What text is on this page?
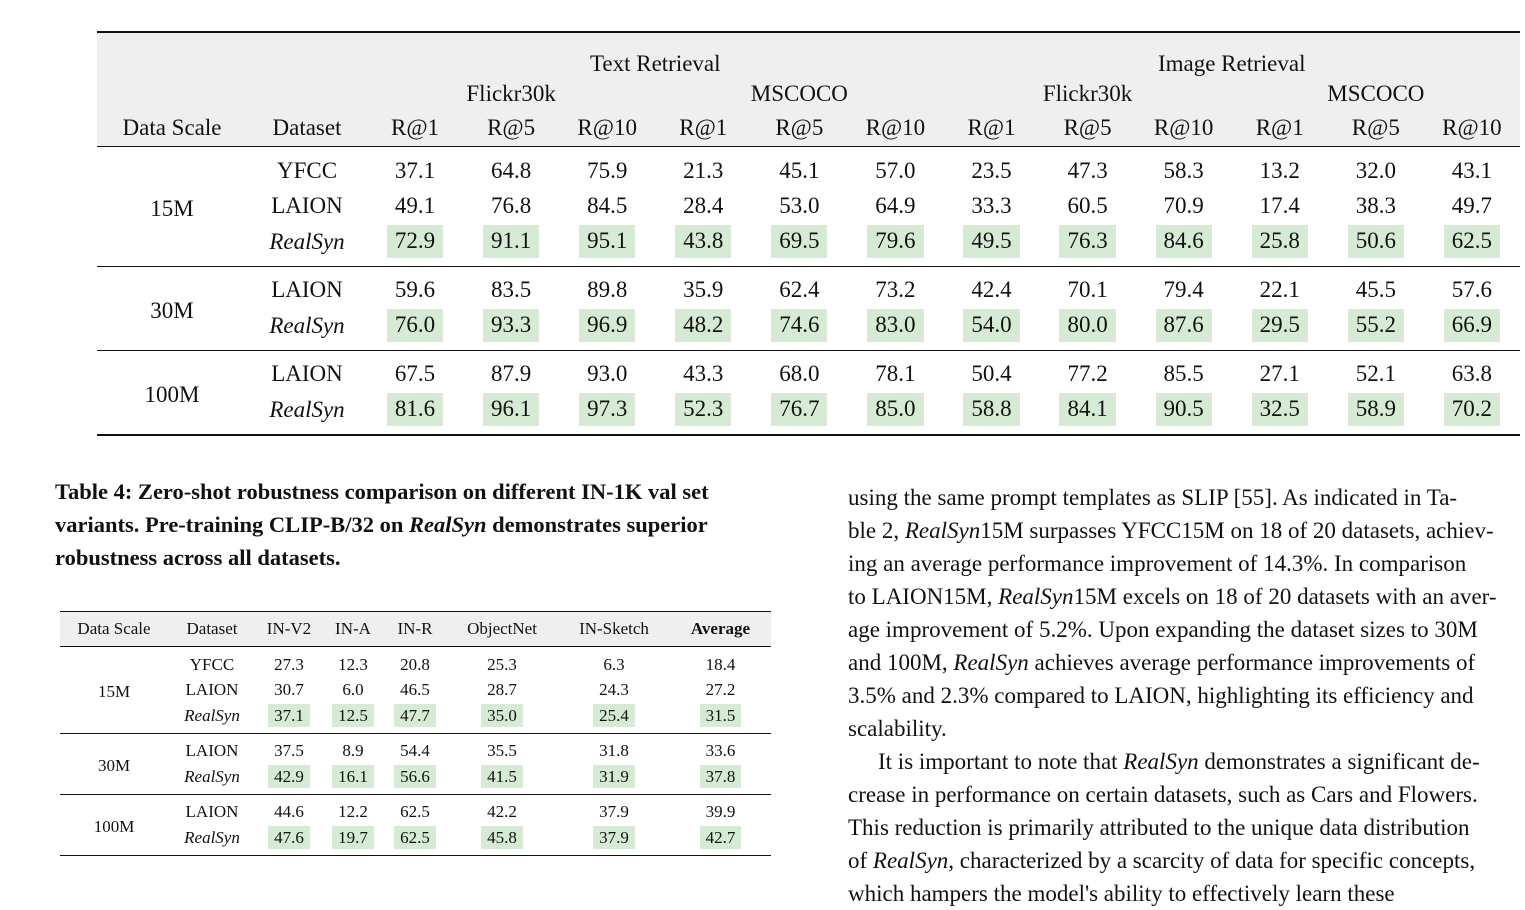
		Text Retrieval						Image Retrieval					
		Flickr30k			MSCOCO			Flickr30k			MSCOCO		
Data Scale	Dataset	R@1	R@5	R@10	R@1	R@5	R@10	R@1	R@5	R@10	R@1	R@5	R@10
15M	YFCC	37.1	64.8	75.9	21.3	45.1	57.0	23.5	47.3	58.3	13.2	32.0	43.1
	LAION	49.1	76.8	84.5	28.4	53.0	64.9	33.3	60.5	70.9	17.4	38.3	49.7
	RealSyn	72.9	91.1	95.1	43.8	69.5	79.6	49.5	76.3	84.6	25.8	50.6	62.5
30M	LAION	59.6	83.5	89.8	35.9	62.4	73.2	42.4	70.1	79.4	22.1	45.5	57.6
	RealSyn	76.0	93.3	96.9	48.2	74.6	83.0	54.0	80.0	87.6	29.5	55.2	66.9
100M	LAION	67.5	87.9	93.0	43.3	68.0	78.1	50.4	77.2	85.5	27.1	52.1	63.8
	RealSyn	81.6	96.1	97.3	52.3	76.7	85.0	58.8	84.1	90.5	32.5	58.9	70.2

Table 4: Zero-shot robustness comparison on different IN-1K val set variants. Pre-training CLIP-B/32 on RealSyn demonstrates superior robustness across all datasets.

Data Scale	Dataset	IN-V2	IN-A	IN-R	ObjectNet	IN-Sketch	Average
15M	YFCC	27.3	12.3	20.8	25.3	6.3	18.4
	LAION	30.7	6.0	46.5	28.7	24.3	27.2
	RealSyn	37.1	12.5	47.7	35.0	25.4	31.5
30M	LAION	37.5	8.9	54.4	35.5	31.8	33.6
	RealSyn	42.9	16.1	56.6	41.5	31.9	37.8
100M	LAION	44.6	12.2	62.5	42.2	37.9	39.9
	RealSyn	47.6	19.7	62.5	45.8	37.9	42.7

using the same prompt templates as SLIP [55]. As indicated in Ta-

ble 2, RealSyn15M surpasses YFCC15M on 18 of 20 datasets, achiev-

ing an average performance improvement of 14.3%. In comparison

to LAION15M, RealSyn15M excels on 18 of 20 datasets with an aver-

age improvement of 5.2%. Upon expanding the dataset sizes to 30M

and 100M, RealSyn achieves average performance improvements of

3.5% and 2.3% compared to LAION, highlighting its efficiency and

scalability.

It is important to note that RealSyn demonstrates a significant de-

crease in performance on certain datasets, such as Cars and Flowers.

This reduction is primarily attributed to the unique data distribution

of RealSyn, characterized by a scarcity of data for specific concepts,

which hampers the model's ability to effectively learn these
